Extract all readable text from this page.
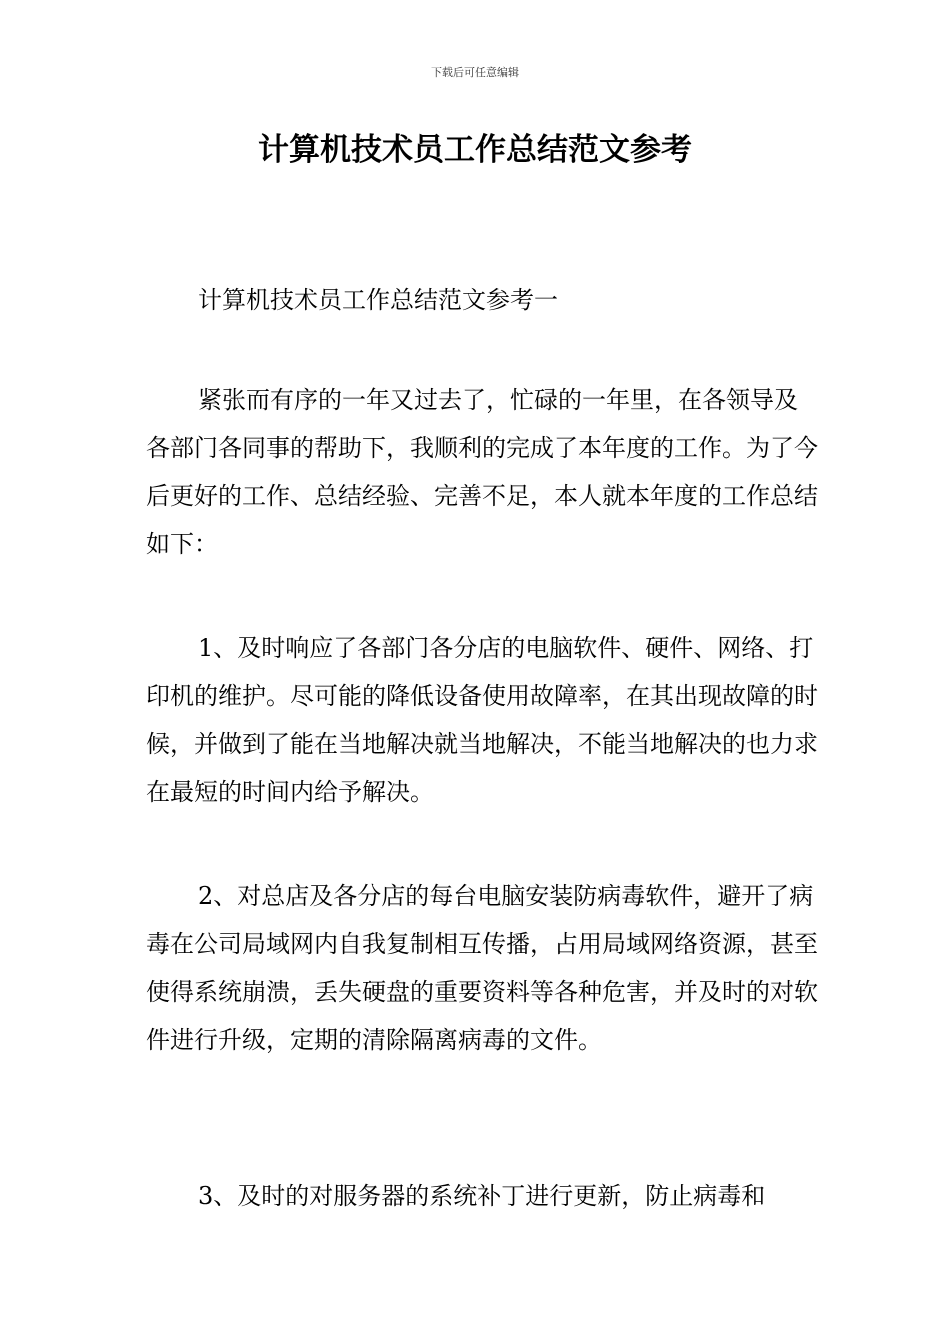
下载后可任意编辑
计算机技术员工作总结范文参考

计算机技术员工作总结范文参考一

紧张而有序的一年又过去了，忙碌的一年里，在各领导及各部门各同事的帮助下，我顺利的完成了本年度的工作。为了今后更好的工作、总结经验、完善不足，本人就本年度的工作总结如下：

1、及时响应了各部门各分店的电脑软件、硬件、网络、打印机的维护。尽可能的降低设备使用故障率，在其出现故障的时候，并做到了能在当地解决就当地解决，不能当地解决的也力求在最短的时间内给予解决。

2、对总店及各分店的每台电脑安装防病毒软件，避开了病毒在公司局域网内自我复制相互传播，占用局域网络资源，甚至使得系统崩溃，丢失硬盘的重要资料等各种危害，并及时的对软件进行升级，定期的清除隔离病毒的文件。

3、及时的对服务器的系统补丁进行更新，防止病毒和
